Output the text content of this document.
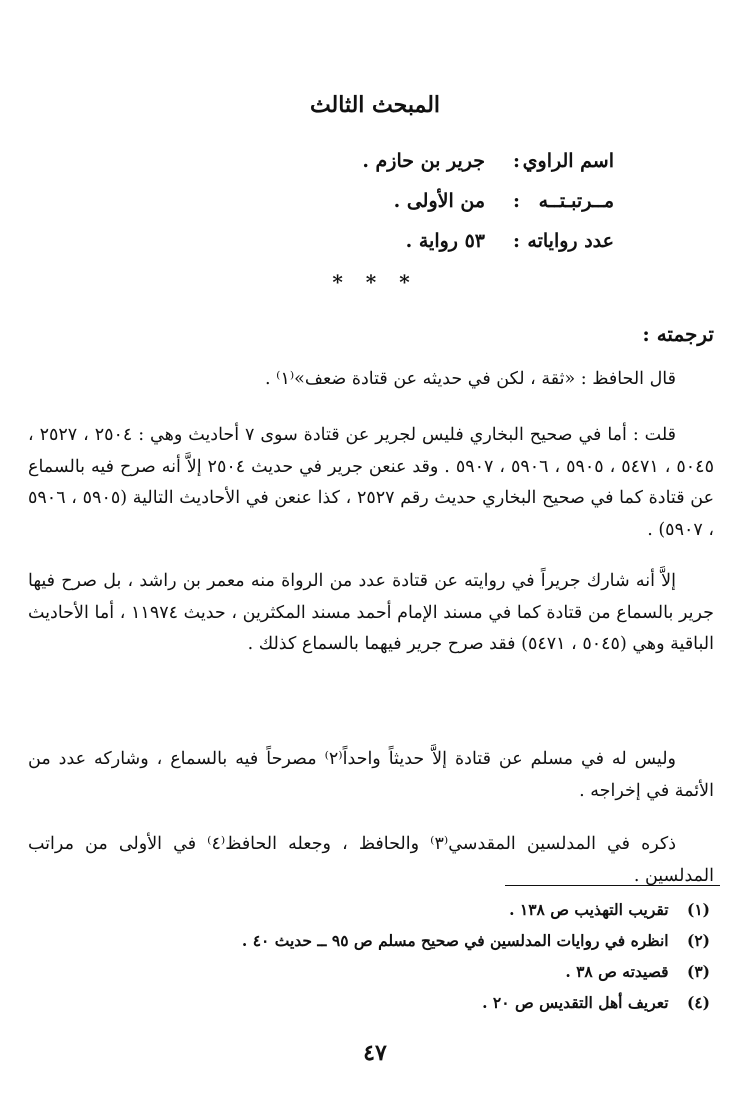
المبحث الثالث
اسم الراوي
:
جرير بن حازم .
مــرتبـتــه
:
من الأولى .
عدد رواياته
:
٥٣ رواية .
* * *
ترجمته :

قال الحافظ : «ثقة ، لكن في حديثه عن قتادة ضعف»⁽١⁾ .

قلت : أما في صحيح البخاري فليس لجرير عن قتادة سوى ٧ أحاديث وهي : ٢٥٠٤ ، ٢٥٢٧ ، ٥٠٤٥ ، ٥٤٧١ ، ٥٩٠٥ ، ٥٩٠٦ ، ٥٩٠٧ . وقد عنعن جرير في حديث ٢٥٠٤ إلاَّ أنه صرح فيه بالسماع عن قتادة كما في صحيح البخاري حديث رقم ٢٥٢٧ ، كذا عنعن في الأحاديث التالية (٥٩٠٥ ، ٥٩٠٦ ، ٥٩٠٧) .

إلاَّ أنه شارك جريراً في روايته عن قتادة عدد من الرواة منه معمر بن راشد ، بل صرح فيها جرير بالسماع من قتادة كما في مسند الإمام أحمد مسند المكثرين ، حديث ١١٩٧٤ ، أما الأحاديث الباقية وهي (٥٠٤٥ ، ٥٤٧١) فقد صرح جرير فيهما بالسماع كذلك .

وليس له في مسلم عن قتادة إلاَّ حديثاً واحداً⁽٢⁾ مصرحاً فيه بالسماع ، وشاركه عدد من الأئمة في إخراجه .

ذكره في المدلسين المقدسي⁽٣⁾ والحافظ ، وجعله الحافظ⁽٤⁾ في الأولى من مراتب المدلسين .

(١) تقريب التهذيب ص ١٣٨ .
(٢) انظره في روايات المدلسين في صحيح مسلم ص ٩٥ ــ حديث ٤٠ .
(٣) قصيدته ص ٣٨ .
(٤) تعريف أهل التقديس ص ٢٠ .
٤٧
